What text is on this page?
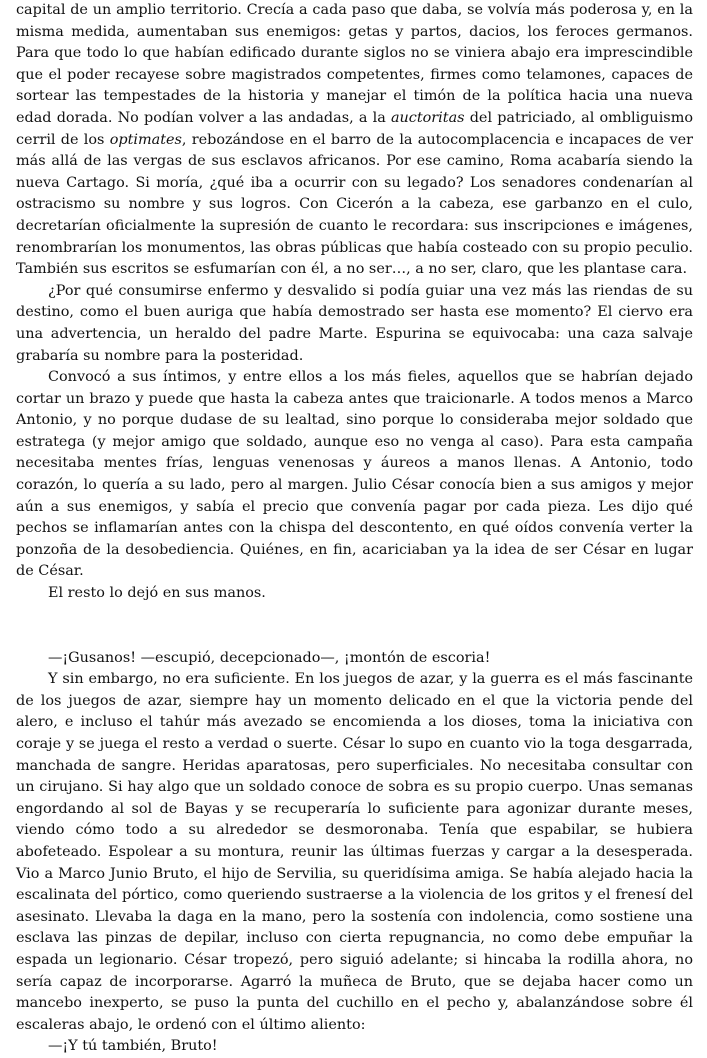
capital de un amplio territorio. Crecía a cada paso que daba, se volvía más poderosa y, en la misma medida, aumentaban sus enemigos: getas y partos, dacios, los feroces germanos. Para que todo lo que habían edificado durante siglos no se viniera abajo era imprescindible que el poder recayese sobre magistrados competentes, firmes como telamones, capaces de sortear las tempestades de la historia y manejar el timón de la política hacia una nueva edad dorada. No podían volver a las andadas, a la auctoritas del patriciado, al ombliguismo cerril de los optimates, rebozándose en el barro de la autocomplacencia e incapaces de ver más allá de las vergas de sus esclavos africanos. Por ese camino, Roma acabaría siendo la nueva Cartago. Si moría, ¿qué iba a ocurrir con su legado? Los senadores condenarían al ostracismo su nombre y sus logros. Con Cicerón a la cabeza, ese garbanzo en el culo, decretarían oficialmente la supresión de cuanto le recordara: sus inscripciones e imágenes, renombrarían los monumentos, las obras públicas que había costeado con su propio peculio. También sus escritos se esfumarían con él, a no ser…, a no ser, claro, que les plantase cara.

¿Por qué consumirse enfermo y desvalido si podía guiar una vez más las riendas de su destino, como el buen auriga que había demostrado ser hasta ese momento? El ciervo era una advertencia, un heraldo del padre Marte. Espurina se equivocaba: una caza salvaje grabaría su nombre para la posteridad.

Convocó a sus íntimos, y entre ellos a los más fieles, aquellos que se habrían dejado cortar un brazo y puede que hasta la cabeza antes que traicionarle. A todos menos a Marco Antonio, y no porque dudase de su lealtad, sino porque lo consideraba mejor soldado que estratega (y mejor amigo que soldado, aunque eso no venga al caso). Para esta campaña necesitaba mentes frías, lenguas venenosas y áureos a manos llenas. A Antonio, todo corazón, lo quería a su lado, pero al margen. Julio César conocía bien a sus amigos y mejor aún a sus enemigos, y sabía el precio que convenía pagar por cada pieza. Les dijo qué pechos se inflamarían antes con la chispa del descontento, en qué oídos convenía verter la ponzoña de la desobediencia. Quiénes, en fin, acariciaban ya la idea de ser César en lugar de César.

El resto lo dejó en sus manos.

—¡Gusanos! —escupió, decepcionado—, ¡montón de escoria!

Y sin embargo, no era suficiente. En los juegos de azar, y la guerra es el más fascinante de los juegos de azar, siempre hay un momento delicado en el que la victoria pende del alero, e incluso el tahúr más avezado se encomienda a los dioses, toma la iniciativa con coraje y se juega el resto a verdad o suerte. César lo supo en cuanto vio la toga desgarrada, manchada de sangre. Heridas aparatosas, pero superficiales. No necesitaba consultar con un cirujano. Si hay algo que un soldado conoce de sobra es su propio cuerpo. Unas semanas engordando al sol de Bayas y se recuperaría lo suficiente para agonizar durante meses, viendo cómo todo a su alrededor se desmoronaba. Tenía que espabilar, se hubiera abofeteado. Espolear a su montura, reunir las últimas fuerzas y cargar a la desesperada. Vio a Marco Junio Bruto, el hijo de Servilia, su queridísima amiga. Se había alejado hacia la escalinata del pórtico, como queriendo sustraerse a la violencia de los gritos y el frenesí del asesinato. Llevaba la daga en la mano, pero la sostenía con indolencia, como sostiene una esclava las pinzas de depilar, incluso con cierta repugnancia, no como debe empuñar la espada un legionario. César tropezó, pero siguió adelante; si hincaba la rodilla ahora, no sería capaz de incorporarse. Agarró la muñeca de Bruto, que se dejaba hacer como un mancebo inexperto, se puso la punta del cuchillo en el pecho y, abalanzándose sobre él escaleras abajo, le ordenó con el último aliento:

—¡Y tú también, Bruto!
